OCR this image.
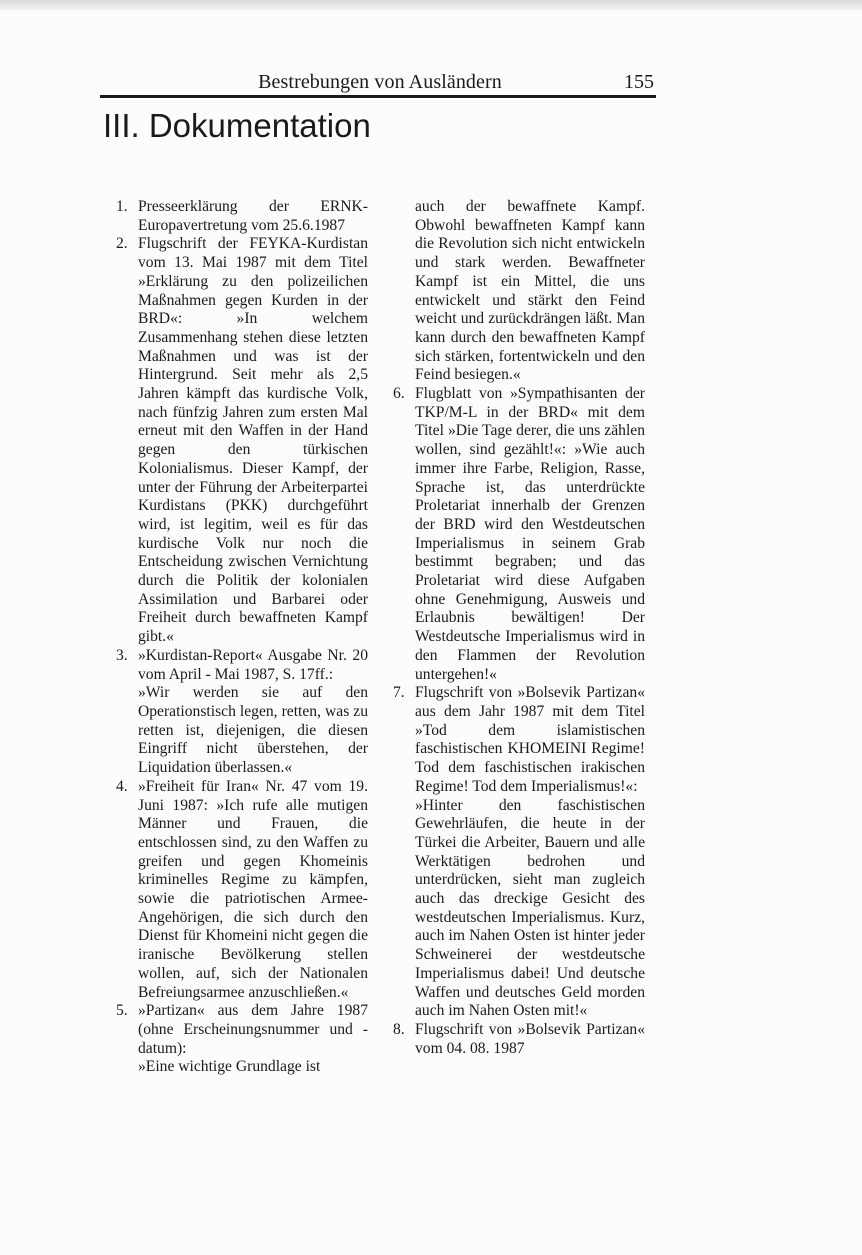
Bestrebungen von Ausländern	155
III. Dokumentation
1. Presseerklärung der ERNK-Europavertretung vom 25.6.1987

2. Flugschrift der FEYKA-Kurdistan vom 13. Mai 1987 mit dem Titel »Erklärung zu den polizeilichen Maßnahmen gegen Kurden in der BRD«: »In welchem Zusammenhang stehen diese letzten Maßnahmen und was ist der Hintergrund. Seit mehr als 2,5 Jahren kämpft das kurdische Volk, nach fünfzig Jahren zum ersten Mal erneut mit den Waffen in der Hand gegen den türkischen Kolonialismus. Dieser Kampf, der unter der Führung der Arbeiterpartei Kurdistans (PKK) durchgeführt wird, ist legitim, weil es für das kurdische Volk nur noch die Entscheidung zwischen Vernichtung durch die Politik der kolonialen Assimilation und Barbarei oder Freiheit durch bewaffneten Kampf gibt.«

3. »Kurdistan-Report« Ausgabe Nr. 20 vom April - Mai 1987, S. 17ff.:

»Wir werden sie auf den Operationstisch legen, retten, was zu retten ist, diejenigen, die diesen Eingriff nicht überstehen, der Liquidation überlassen.«

4. »Freiheit für Iran« Nr. 47 vom 19. Juni 1987: »Ich rufe alle mutigen Männer und Frauen, die entschlossen sind, zu den Waffen zu greifen und gegen Khomeinis kriminelles Regime zu kämpfen, sowie die patriotischen Armee-Angehörigen, die sich durch den Dienst für Khomeini nicht gegen die iranische Bevölkerung stellen wollen, auf, sich der Nationalen Befreiungsarmee anzuschließen.«

5. »Partizan« aus dem Jahre 1987 (ohne Erscheinungsnummer und -datum):

»Eine wichtige Grundlage ist

auch der bewaffnete Kampf. Obwohl bewaffneten Kampf kann die Revolution sich nicht entwickeln und stark werden. Bewaffneter Kampf ist ein Mittel, die uns entwickelt und stärkt den Feind weicht und zurückdrängen läßt. Man kann durch den bewaffneten Kampf sich stärken, fortentwickeln und den Feind besiegen.«

6. Flugblatt von »Sympathisanten der TKP/M-L in der BRD« mit dem Titel »Die Tage derer, die uns zählen wollen, sind gezählt!«: »Wie auch immer ihre Farbe, Religion, Rasse, Sprache ist, das unterdrückte Proletariat innerhalb der Grenzen der BRD wird den Westdeutschen Imperialismus in seinem Grab bestimmt begraben; und das Proletariat wird diese Aufgaben ohne Genehmigung, Ausweis und Erlaubnis bewältigen! Der Westdeutsche Imperialismus wird in den Flammen der Revolution untergehen!«

7. Flugschrift von »Bolsevik Partizan« aus dem Jahr 1987 mit dem Titel »Tod dem islamistischen faschistischen KHOMEINI Regime! Tod dem faschistischen irakischen Regime! Tod dem Imperialismus!«:

»Hinter den faschistischen Gewehrläufen, die heute in der Türkei die Arbeiter, Bauern und alle Werktätigen bedrohen und unterdrücken, sieht man zugleich auch das dreckige Gesicht des westdeutschen Imperialismus. Kurz, auch im Nahen Osten ist hinter jeder Schweinerei der westdeutsche Imperialismus dabei! Und deutsche Waffen und deutsches Geld morden auch im Nahen Osten mit!«

8. Flugschrift von »Bolsevik Partizan« vom 04. 08. 1987
